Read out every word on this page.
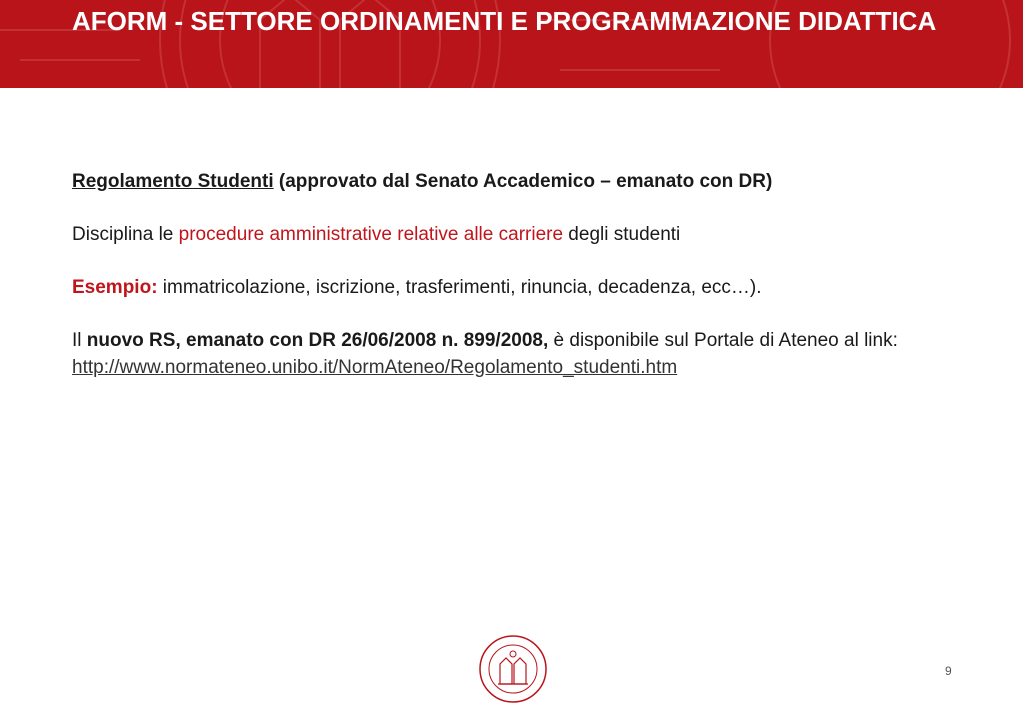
AFORM - SETTORE ORDINAMENTI E PROGRAMMAZIONE DIDATTICA

Regolamento Studenti (approvato dal Senato Accademico – emanato con DR)

Disciplina le procedure amministrative relative alle carriere degli studenti

Esempio: immatricolazione, iscrizione, trasferimenti, rinuncia, decadenza, ecc…).

Il nuovo RS, emanato con DR 26/06/2008 n. 899/2008, è disponibile sul Portale di Ateneo al link:
http://www.normateneo.unibo.it/NormAteneo/Regolamento_studenti.htm

9
